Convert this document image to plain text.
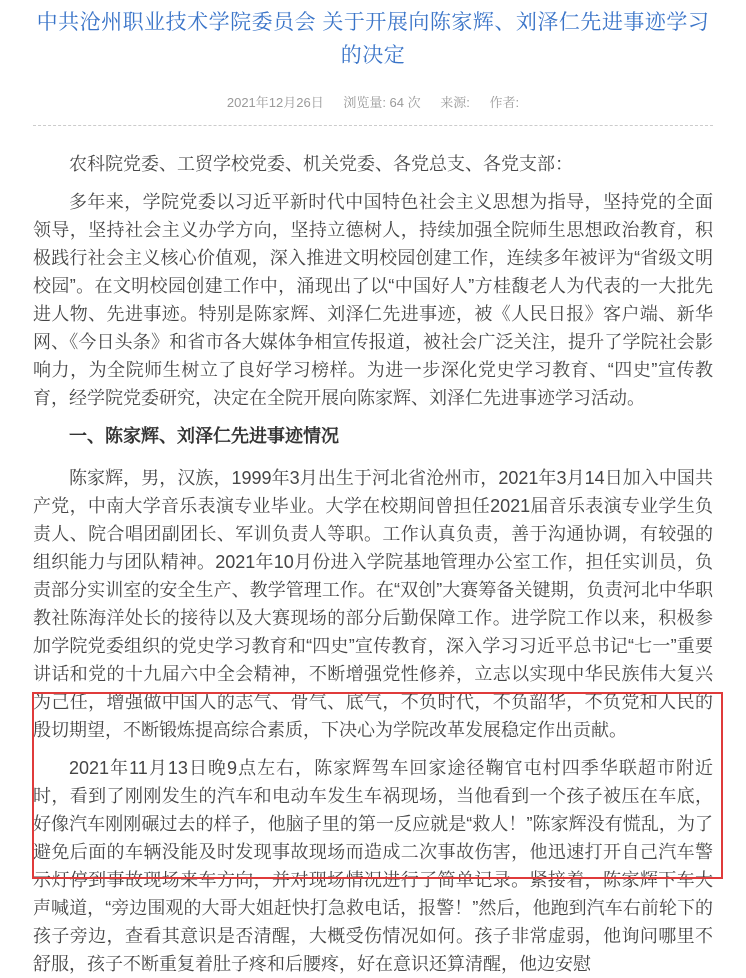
中共沧州职业技术学院委员会 关于开展向陈家辉、刘泽仁先进事迹学习的决定
2021年12月26日 浏览量: 64 次 来源: 作者:

农科院党委、工贸学校党委、机关党委、各党总支、各党支部：

多年来，学院党委以习近平新时代中国特色社会主义思想为指导，坚持党的全面领导，坚持社会主义办学方向，坚持立德树人，持续加强全院师生思想政治教育，积极践行社会主义核心价值观，深入推进文明校园创建工作，连续多年被评为“省级文明校园”。在文明校园创建工作中，涌现出了以“中国好人”方桂馥老人为代表的一大批先进人物、先进事迹。特别是陈家辉、刘泽仁先进事迹，被《人民日报》客户端、新华网、《今日头条》和省市各大媒体争相宣传报道，被社会广泛关注，提升了学院社会影响力，为全院师生树立了良好学习榜样。为进一步深化党史学习教育、“四史”宣传教育，经学院党委研究，决定在全院开展向陈家辉、刘泽仁先进事迹学习活动。

一、陈家辉、刘泽仁先进事迹情况

陈家辉，男，汉族，1999年3月出生于河北省沧州市，2021年3月14日加入中国共产党，中南大学音乐表演专业毕业。大学在校期间曾担任2021届音乐表演专业学生负责人、院合唱团副团长、军训负责人等职。工作认真负责，善于沟通协调，有较强的组织能力与团队精神。2021年10月份进入学院基地管理办公室工作，担任实训员，负责部分实训室的安全生产、教学管理工作。在“双创”大赛筹备关键期，负责河北中华职教社陈海洋处长的接待以及大赛现场的部分后勤保障工作。进学院工作以来，积极参加学院党委组织的党史学习教育和“四史”宣传教育，深入学习习近平总书记“七一”重要讲话和党的十九届六中全会精神，不断增强党性修养，立志以实现中华民族伟大复兴为己任，增强做中国人的志气、骨气、底气，不负时代，不负韶华，不负党和人民的殷切期望，不断锻炼提高综合素质，下决心为学院改革发展稳定作出贡献。

2021年11月13日晚9点左右，陈家辉驾车回家途径鞠官屯村四季华联超市附近时，看到了刚刚发生的汽车和电动车发生车祸现场，当他看到一个孩子被压在车底，好像汽车刚刚碾过去的样子，他脑子里的第一反应就是“救人！”陈家辉没有慌乱，为了避免后面的车辆没能及时发现事故现场而造成二次事故伤害，他迅速打开自己汽车警示灯停到事故现场来车方向，并对现场情况进行了简单记录。紧接着，陈家辉下车大声喊道，“旁边围观的大哥大姐赶快打急救电话，报警！”然后，他跑到汽车右前轮下的孩子旁边，查看其意识是否清醒，大概受伤情况如何。孩子非常虚弱，他询问哪里不舒服，孩子不断重复着肚子疼和后腰疼，好在意识还算清醒，他边安慰
